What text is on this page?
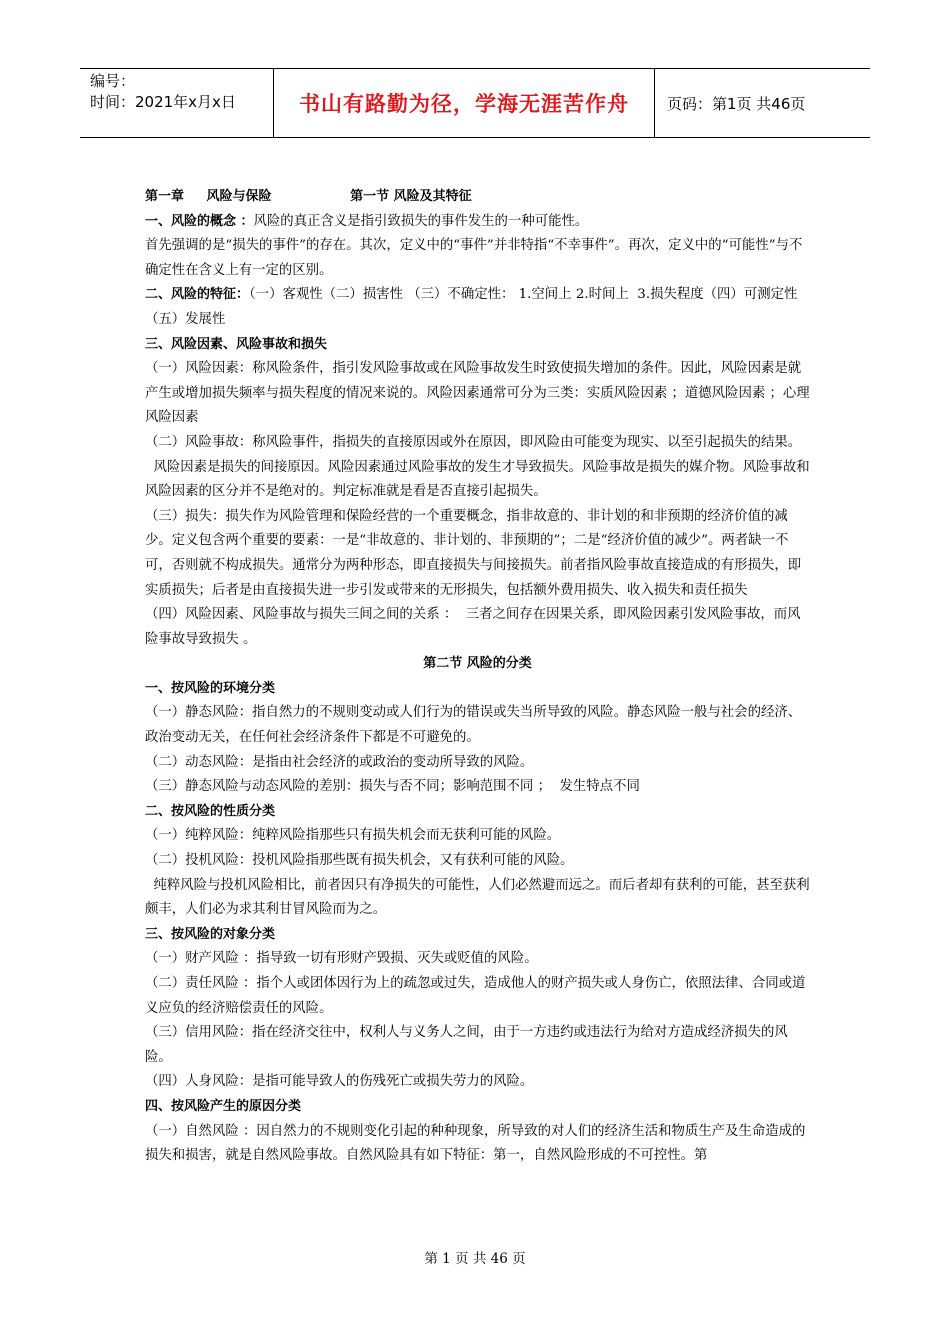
编号：
时间：2021年x月x日	书山有路勤为径，学海无涯苦作舟	页码：第1页 共46页

第一章 风险与保险	第一节 风险及其特征

一、风险的概念 ：风险的真正含义是指引致损失的事件发生的一种可能性。

首先强调的是“损失的事件”的存在。其次，定义中的“事件”并非特指“不幸事件”。再次，定义中的“可能性”与不确定性在含义上有一定的区别。

二、风险的特征：（一）客观性（二）损害性 （三）不确定性： 1.空间上 2.时间上  3.损失程度（四）可测定性（五）发展性

三、风险因素、风险事故和损失

（一）风险因素：称风险条件，指引发风险事故或在风险事故发生时致使损失增加的条件。因此，风险因素是就产生或增加损失频率与损失程度的情况来说的。风险因素通常可分为三类：实质风险因素 ；道德风险因素 ；心理风险因素

（二）风险事故：称风险事件，指损失的直接原因或外在原因，即风险由可能变为现实、以至引起损失的结果。

风险因素是损失的间接原因。风险因素通过风险事故的发生才导致损失。风险事故是损失的媒介物。风险事故和风险因素的区分并不是绝对的。判定标准就是看是否直接引起损失。

（三）损失：损失作为风险管理和保险经营的一个重要概念，指非故意的、非计划的和非预期的经济价值的减少。定义包含两个重要的要素：一是“非故意的、非计划的、非预期的”；二是“经济价值的减少”。两者缺一不可，否则就不构成损失。通常分为两种形态，即直接损失与间接损失。前者指风险事故直接造成的有形损失，即实质损失；后者是由直接损失进一步引发或带来的无形损失，包括额外费用损失、收入损失和责任损失

（四）风险因素、风险事故与损失三间之间的关系 ：  三者之间存在因果关系，即风险因素引发风险事故，而风险事故导致损失 。

第二节 风险的分类

一、按风险的环境分类

（一）静态风险：指自然力的不规则变动或人们行为的错误或失当所导致的风险。静态风险一般与社会的经济、政治变动无关，在任何社会经济条件下都是不可避免的。

（二）动态风险：是指由社会经济的或政治的变动所导致的风险。

（三）静态风险与动态风险的差别：损失与否不同；影响范围不同 ；  发生特点不同

二、按风险的性质分类

（一）纯粹风险：纯粹风险指那些只有损失机会而无获利可能的风险。

（二）投机风险：投机风险指那些既有损失机会，又有获利可能的风险。

纯粹风险与投机风险相比，前者因只有净损失的可能性，人们必然避而远之。而后者却有获利的可能，甚至获利颇丰，人们必为求其利甘冒风险而为之。

三、按风险的对象分类

（一）财产风险 ：指导致一切有形财产毁损、灭失或贬值的风险。

（二）责任风险 ：指个人或团体因行为上的疏忽或过失，造成他人的财产损失或人身伤亡，依照法律、合同或道义应负的经济赔偿责任的风险。

（三）信用风险：指在经济交往中，权利人与义务人之间，由于一方违约或违法行为给对方造成经济损失的风险。

（四）人身风险：是指可能导致人的伤残死亡或损失劳力的风险。

四、按风险产生的原因分类

（一）自然风险 ：因自然力的不规则变化引起的种种现象，所导致的对人们的经济生活和物质生产及生命造成的损失和损害，就是自然风险事故。自然风险具有如下特征：第一，自然风险形成的不可控性。第

第 1 页 共 46 页
